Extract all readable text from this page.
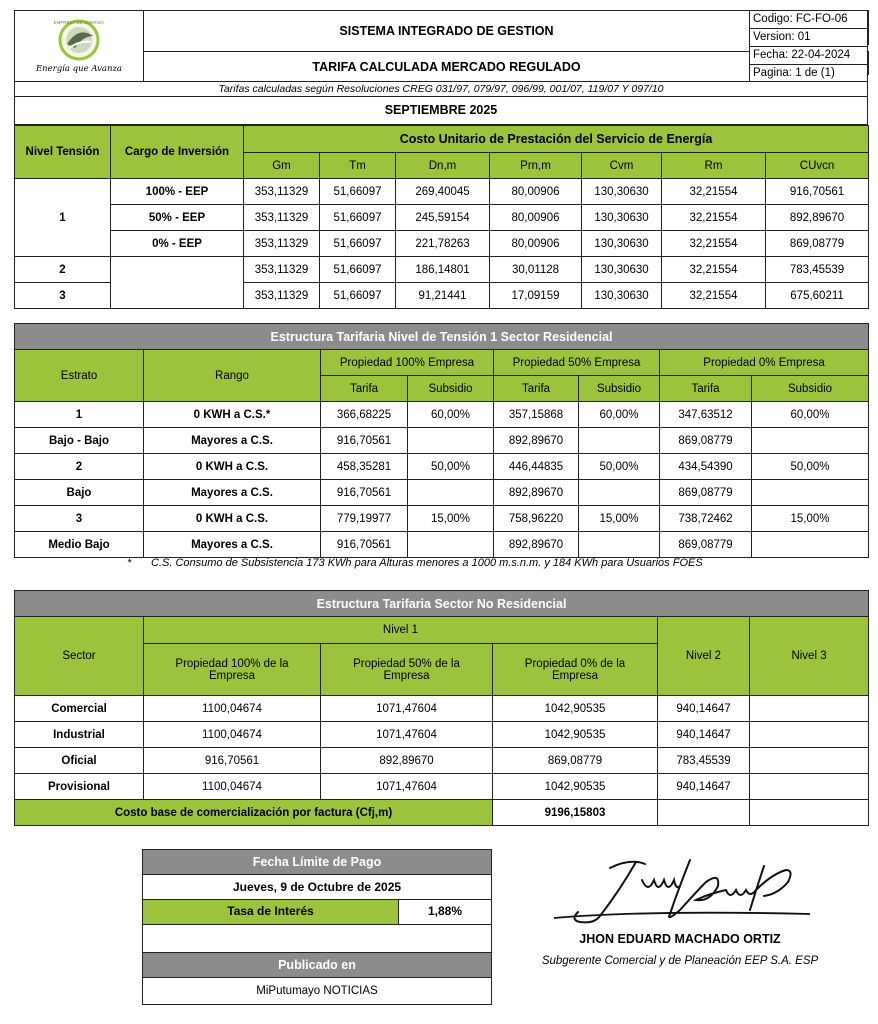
EMPRESA DE ENERGÍA
Energía que Avanza	SISTEMA INTEGRADO DE GESTION	

	TARIFA CALCULADA MERCADO REGULADO	

Codigo: FC-FO-06
Version: 01
Fecha: 22-04-2024
Pagina: 1 de (1)
Tarifas calculadas según Resoluciones CREG 031/97, 079/97, 096/99, 001/07, 119/07 Y 097/10
SEPTIEMBRE 2025
Nivel Tensión	Cargo de Inversión	Costo Unitario de Prestación del Servicio de Energía						
		Gm	Tm	Dn,m	Prn,m	Cvm	Rm	CUvcn
1	100% - EEP	353,11329	51,66097	269,40045	80,00906	130,30630	32,21554	916,70561
	50% - EEP	353,11329	51,66097	245,59154	80,00906	130,30630	32,21554	892,89670
	0% - EEP	353,11329	51,66097	221,78263	80,00906	130,30630	32,21554	869,08779
2		353,11329	51,66097	186,14801	30,01128	130,30630	32,21554	783,45539
3		353,11329	51,66097	91,21441	17,09159	130,30630	32,21554	675,60211
Estructura Tarifaria Nivel de Tensión 1 Sector Residencial							
Estrato	Rango	Propiedad 100% Empresa		Propiedad 50% Empresa		Propiedad 0% Empresa	
		Tarifa	Subsidio	Tarifa	Subsidio	Tarifa	Subsidio
1	0 KWH a C.S.*	366,68225	60,00%	357,15868	60,00%	347,63512	60,00%
Bajo - Bajo	Mayores a C.S.	916,70561		892,89670		869,08779	
2	0 KWH a C.S.	458,35281	50,00%	446,44835	50,00%	434,54390	50,00%
Bajo	Mayores a C.S.	916,70561		892,89670		869,08779	
3	0 KWH a C.S.	779,19977	15,00%	758,96220	15,00%	738,72462	15,00%
Medio Bajo	Mayores a C.S.	916,70561		892,89670		869,08779	
* C.S. Consumo de Subsistencia 173 KWh para Alturas menores a 1000 m.s.n.m. y 184 KWh para Usuarios FOES
Estructura Tarifaria Sector No Residencial					
Sector	Nivel 1			Nivel 2	Nivel 3
	Propiedad 100% de la Empresa	Propiedad 50% de la Empresa	Propiedad 0% de la Empresa		
Comercial	1100,04674	1071,47604	1042,90535	940,14647	
Industrial	1100,04674	1071,47604	1042,90535	940,14647	
Oficial	916,70561	892,89670	869,08779	783,45539	
Provisional	1100,04674	1071,47604	1042,90535	940,14647	
Costo base de comercialización por factura (Cfj,m)			9196,15803		
Fecha Límite de Pago
Jueves, 9 de Octubre de 2025
Tasa de Interés	1,88%
Publicado en
MiPutumayo NOTICIAS
JHON EDUARD MACHADO ORTIZ
Subgerente Comercial y de Planeación EEP S.A. ESP
